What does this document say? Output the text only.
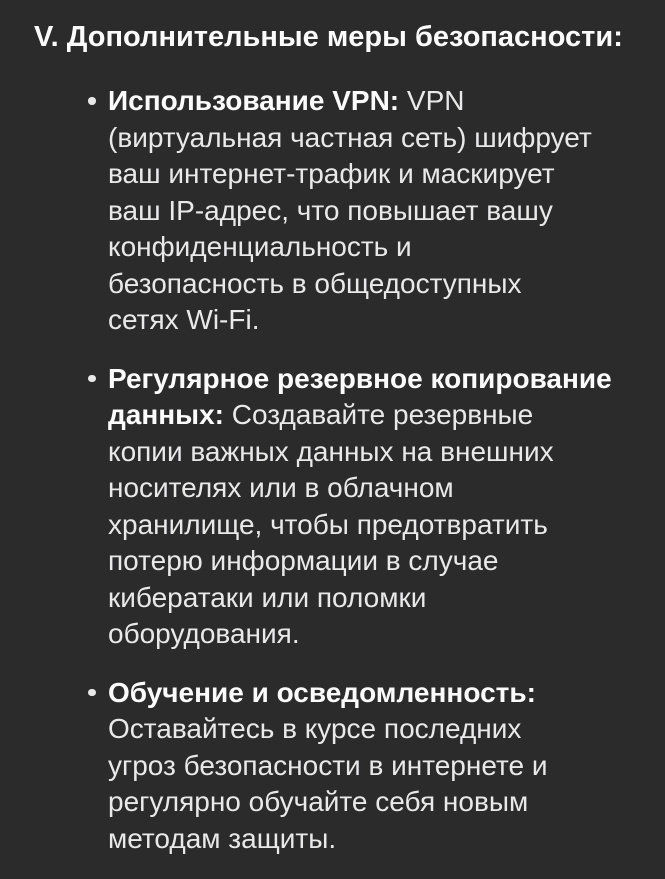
V. Дополнительные меры безопасности:
Использование VPN: VPN
(виртуальная частная сеть) шифрует
ваш интернет-трафик и маскирует
ваш IP-адрес, что повышает вашу
конфиденциальность и
безопасность в общедоступных
сетях Wi-Fi.
Регулярное резервное копирование
данных: Создавайте резервные
копии важных данных на внешних
носителях или в облачном
хранилище, чтобы предотвратить
потерю информации в случае
кибератаки или поломки
оборудования.
Обучение и осведомленность:
Оставайтесь в курсе последних
угроз безопасности в интернете и
регулярно обучайте себя новым
методам защиты.
